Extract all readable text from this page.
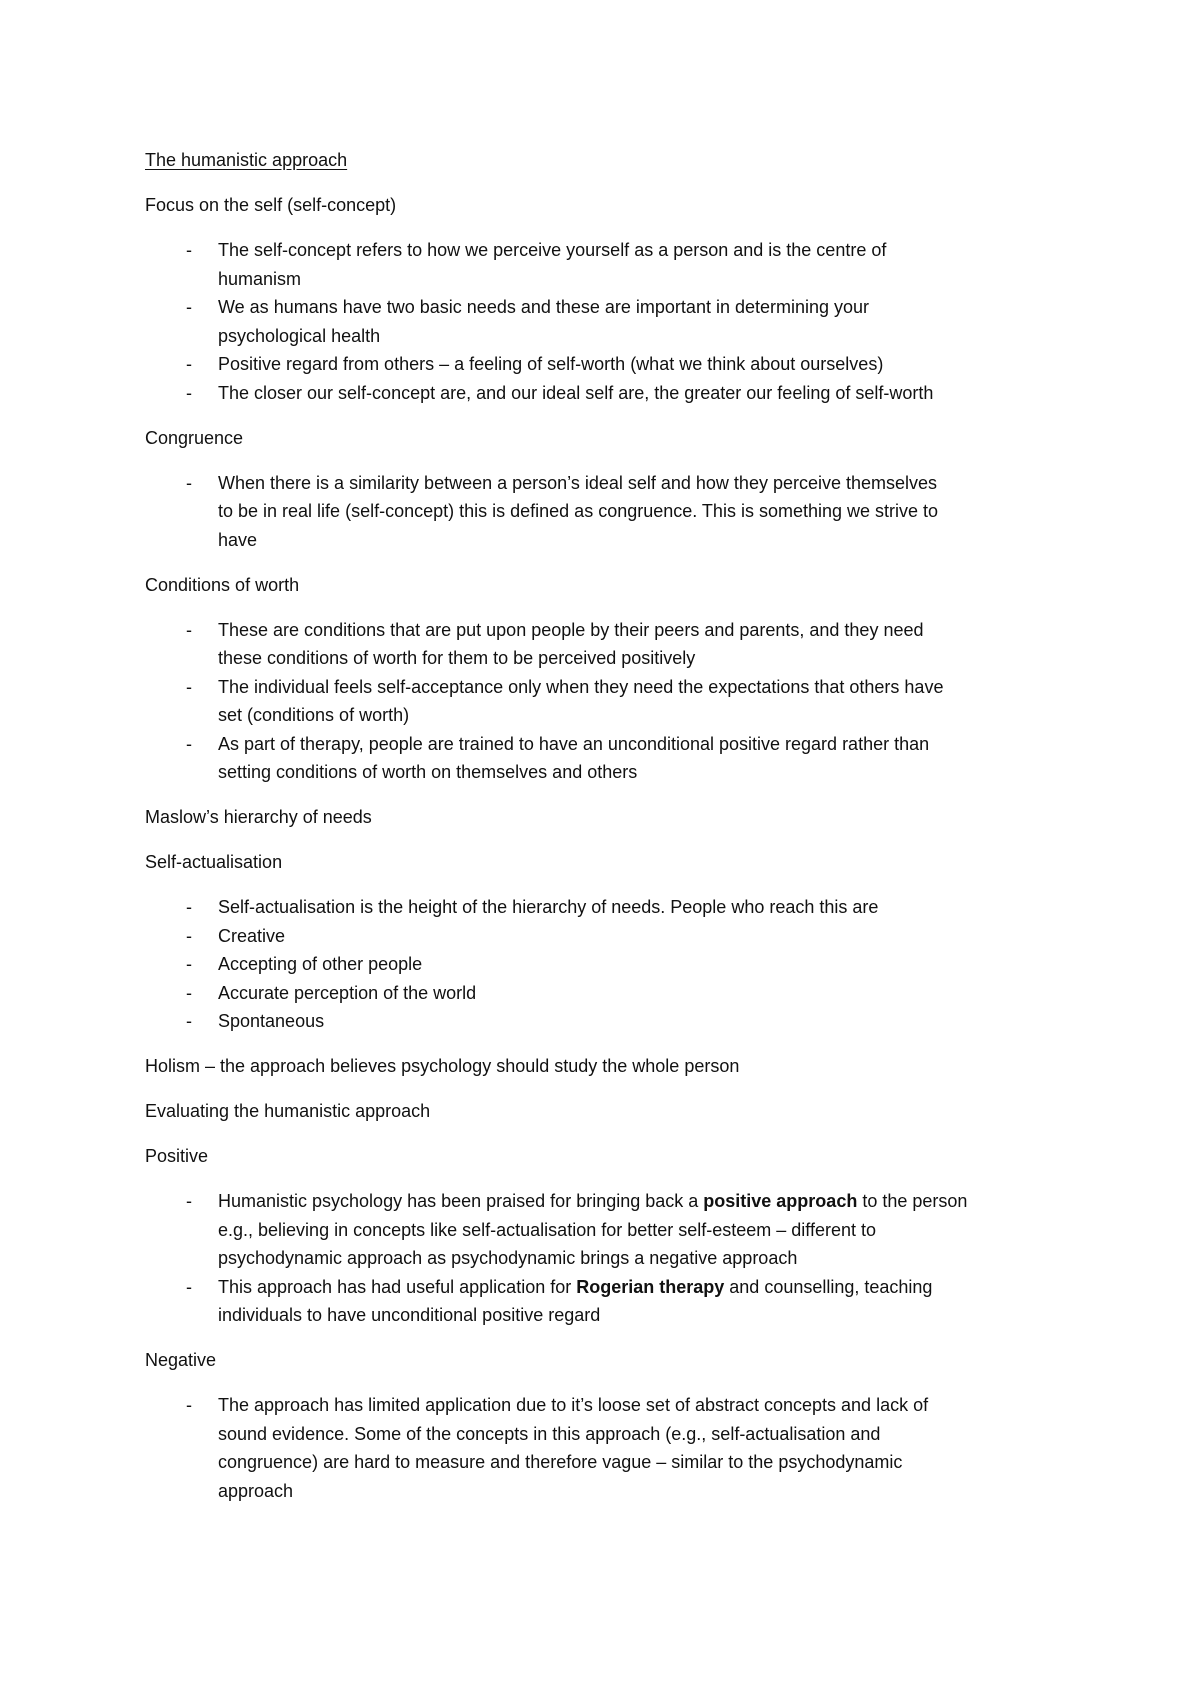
The humanistic approach

Focus on the self (self-concept)

- The self-concept refers to how we perceive yourself as a person and is the centre of
humanism
- We as humans have two basic needs and these are important in determining your
psychological health
- Positive regard from others – a feeling of self-worth (what we think about ourselves)
- The closer our self-concept are, and our ideal self are, the greater our feeling of self-worth

Congruence

- When there is a similarity between a person’s ideal self and how they perceive themselves
to be in real life (self-concept) this is defined as congruence. This is something we strive to
have

Conditions of worth

- These are conditions that are put upon people by their peers and parents, and they need
these conditions of worth for them to be perceived positively
- The individual feels self-acceptance only when they need the expectations that others have
set (conditions of worth)
- As part of therapy, people are trained to have an unconditional positive regard rather than
setting conditions of worth on themselves and others

Maslow’s hierarchy of needs

Self-actualisation

- Self-actualisation is the height of the hierarchy of needs. People who reach this are
- Creative
- Accepting of other people
- Accurate perception of the world
- Spontaneous

Holism – the approach believes psychology should study the whole person

Evaluating the humanistic approach

Positive

- Humanistic psychology has been praised for bringing back a positive approach to the person
e.g., believing in concepts like self-actualisation for better self-esteem – different to
psychodynamic approach as psychodynamic brings a negative approach
- This approach has had useful application for Rogerian therapy and counselling, teaching
individuals to have unconditional positive regard

Negative

- The approach has limited application due to it’s loose set of abstract concepts and lack of
sound evidence. Some of the concepts in this approach (e.g., self-actualisation and
congruence) are hard to measure and therefore vague – similar to the psychodynamic
approach
